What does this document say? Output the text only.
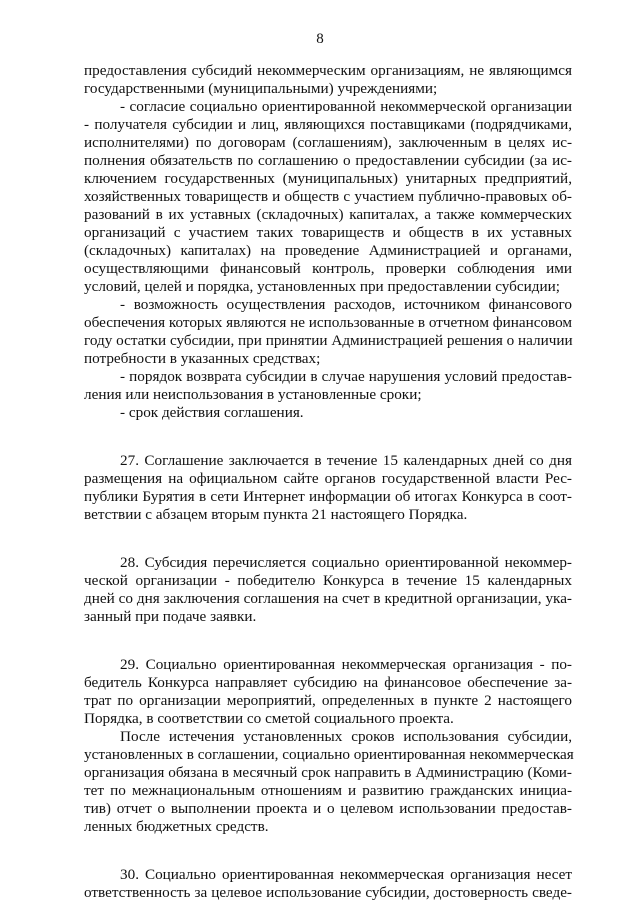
8
предоставления субсидий некоммерческим организациям, не являющимся
государственными (муниципальными) учреждениями;
- согласие социально ориентированной некоммерческой организации
- получателя субсидии и лиц, являющихся поставщиками (подрядчиками,
исполнителями) по договорам (соглашениям), заключенным в целях ис-
полнения обязательств по соглашению о предоставлении субсидии (за ис-
ключением государственных (муниципальных) унитарных предприятий,
хозяйственных товариществ и обществ с участием публично-правовых об-
разований в их уставных (складочных) капиталах, а также коммерческих
организаций с участием таких товариществ и обществ в их уставных
(складочных) капиталах) на проведение Администрацией и органами,
осуществляющими финансовый контроль, проверки соблюдения ими
условий, целей и порядка, установленных при предоставлении субсидии;
- возможность осуществления расходов, источником финансового
обеспечения которых являются не использованные в отчетном финансовом
году остатки субсидии, при принятии Администрацией решения о наличии
потребности в указанных средствах;
- порядок возврата субсидии в случае нарушения условий предостав-
ления или неиспользования в установленные сроки;
- срок действия соглашения.
27. Соглашение заключается в течение 15 календарных дней со дня
размещения на официальном сайте органов государственной власти Рес-
публики Бурятия в сети Интернет информации об итогах Конкурса в соот-
ветствии с абзацем вторым пункта 21 настоящего Порядка.
28. Субсидия перечисляется социально ориентированной некоммер-
ческой организации - победителю Конкурса в течение 15 календарных
дней со дня заключения соглашения на счет в кредитной организации, ука-
занный при подаче заявки.
29. Социально ориентированная некоммерческая организация - по-
бедитель Конкурса направляет субсидию на финансовое обеспечение за-
трат по организации мероприятий, определенных в пункте 2 настоящего
Порядка, в соответствии со сметой социального проекта.
После истечения установленных сроков использования субсидии,
установленных в соглашении, социально ориентированная некоммерческая
организация обязана в месячный срок направить в Администрацию (Коми-
тет по межнациональным отношениям и развитию гражданских инициа-
тив) отчет о выполнении проекта и о целевом использовании предостав-
ленных бюджетных средств.
30. Социально ориентированная некоммерческая организация несет
ответственность за целевое использование субсидии, достоверность сведе-
